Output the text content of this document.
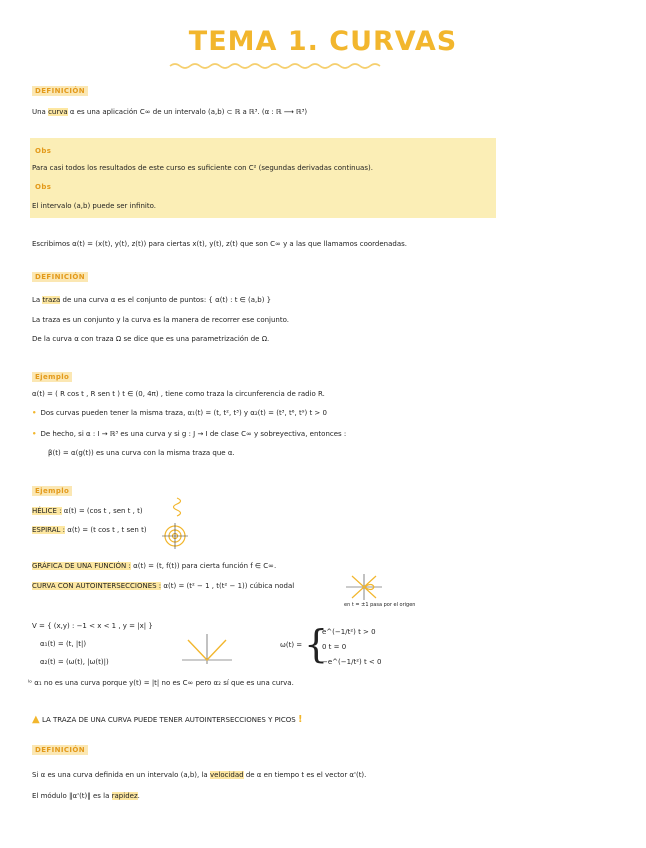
TEMA 1. CURVAS
DEFINICIÓN
Una curva α es una aplicación C∞ de un intervalo (a,b) ⊂ ℝ a ℝ³. (α : ℝ ⟶ ℝ³)
Obs
Para casi todos los resultados de este curso es suficiente con C² (segundas derivadas continuas).
Obs
El intervalo (a,b) puede ser infinito.
Escribimos α(t) = (x(t), y(t), z(t)) para ciertas x(t), y(t), z(t) que son C∞ y a las que llamamos coordenadas.
DEFINICIÓN
La traza de una curva α es el conjunto de puntos: { α(t) : t ∈ (a,b) }
La traza es un conjunto y la curva es la manera de recorrer ese conjunto.
De la curva α con traza Ω se dice que es una parametrización de Ω.
Ejemplo
α(t) = ( R cos t , R sen t ) t ∈ (0, 4π) , tiene como traza la circunferencia de radio R.
• Dos curvas pueden tener la misma traza, α₁(t) = (t, t², t³) y α₂(t) = (t³, t⁶, t⁹) t > 0
• De hecho, si α : I → ℝ³ es una curva y si g : J → I de clase C∞ y sobreyectiva, entonces :
β(t) = α(g(t)) es una curva con la misma traza que α.
Ejemplo
HÉLICE : α(t) = (cos t , sen t , t)
ESPIRAL : α(t) = (t cos t , t sen t)
GRÁFICA DE UNA FUNCIÓN : α(t) = (t, f(t)) para cierta función f ∈ C∞.
CURVA CON AUTOINTERSECCIONES : α(t) = (t² − 1 , t(t² − 1)) cúbica nodal
en t = ±1 pasa por el origen
V = { (x,y) : −1 < x < 1 , y = |x| }
α₁(t) = (t, |t|)
α₂(t) = (ω(t), |ω(t)|)
ω(t) = {
e^(−1/t²) t > 0
0 t = 0
−e^(−1/t²) t < 0
ˡᵒ α₁ no es una curva porque y(t) = |t| no es C∞ pero α₂ sí que es una curva.
▲ LA TRAZA DE UNA CURVA PUEDE TENER AUTOINTERSECCIONES Y PICOS !
DEFINICIÓN
Si α es una curva definida en un intervalo (a,b), la velocidad de α en tiempo t es el vector α'(t).
El módulo ‖α'(t)‖ es la rapidez.
